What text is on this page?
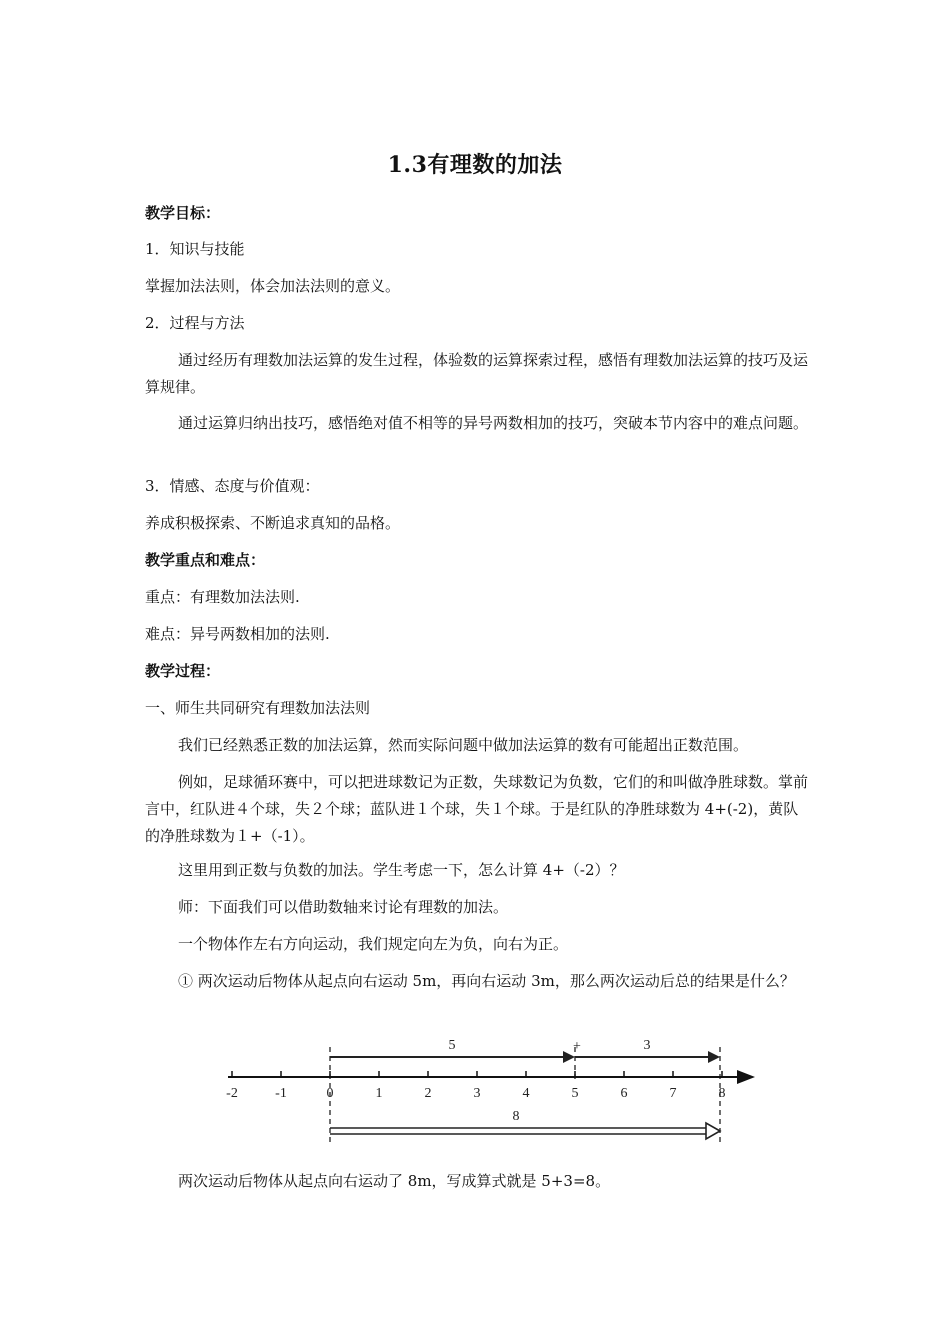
1.3有理数的加法

教学目标：

1．知识与技能

掌握加法法则，体会加法法则的意义。

2．过程与方法

通过经历有理数加法运算的发生过程，体验数的运算探索过程，感悟有理数加法运算的技巧及运算规律。

通过运算归纳出技巧，感悟绝对值不相等的异号两数相加的技巧，突破本节内容中的难点问题。

3．情感、态度与价值观：

养成积极探索、不断追求真知的品格。

教学重点和难点：

重点：有理数加法法则.

难点：异号两数相加的法则.

教学过程：

一、师生共同研究有理数加法法则

我们已经熟悉正数的加法运算，然而实际问题中做加法运算的数有可能超出正数范围。

例如，足球循环赛中，可以把进球数记为正数，失球数记为负数，它们的和叫做净胜球数。掌前言中，红队进４个球，失２个球；蓝队进１个球，失１个球。于是红队的净胜球数为 4+(-2)，黄队的净胜球数为１+（-1）。

这里用到正数与负数的加法。学生考虑一下，怎么计算 4+（-2）？

师：下面我们可以借助数轴来讨论有理数的加法。

一个物体作左右方向运动，我们规定向左为负，向右为正。

① 两次运动后物体从起点向右运动 5m，再向右运动 3m，那么两次运动后总的结果是什么？

5	+	3
-2	-1	0	1	2	3	4	5	6	7	8
8

两次运动后物体从起点向右运动了 8m，写成算式就是 5+3=8。
